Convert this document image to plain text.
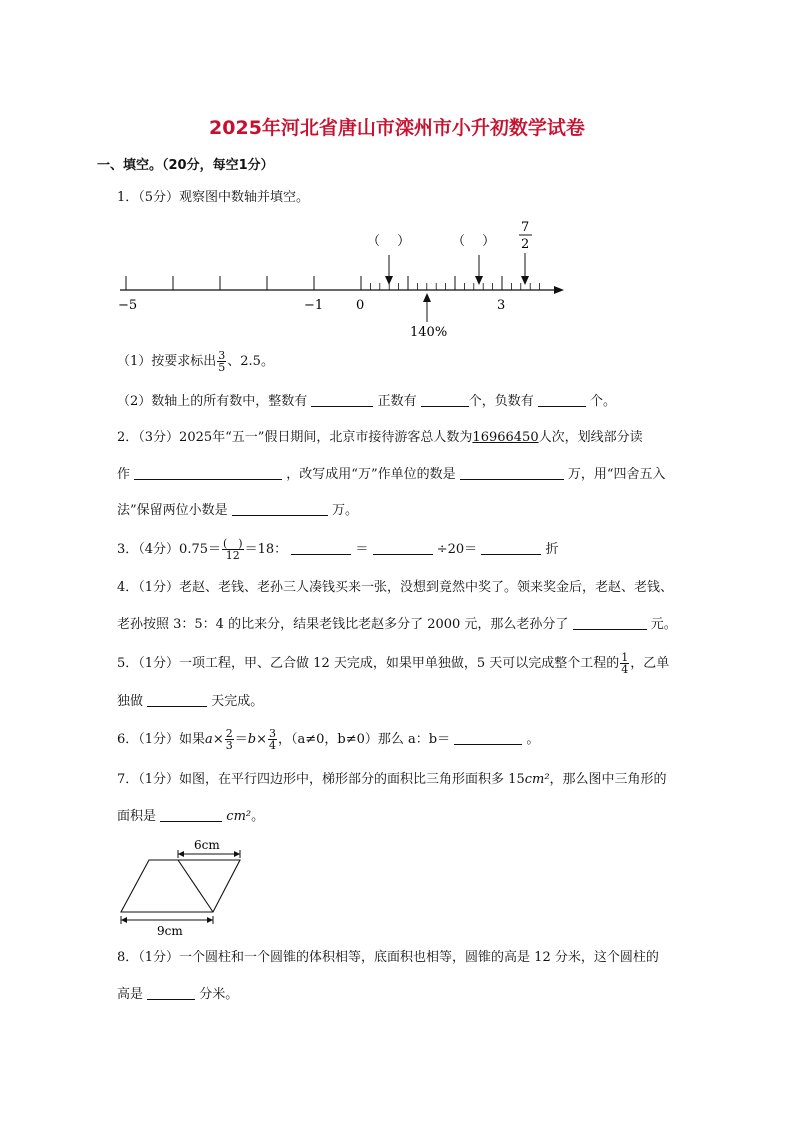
2025年河北省唐山市滦州市小升初数学试卷
一、填空。（20分，每空1分）
1．（5分）观察图中数轴并填空。
−5	−1	0	3
（　 ）	（　 ）
7
2
140%
（1）按要求标出 $\frac{3}{5}$ 、2.5。
（2）数轴上的所有数中，整数有	正数有	个，负数有	个。
2．（3分）2025年“五一”假日期间，北京市接待游客总人数为16966450人次，划线部分读
作	，改写成用“万”作单位的数是	万，用“四舍五入
法”保留两位小数是	万。
3．（4分）$0.75= \frac{( )}{12} =18$：	＝	÷20＝	折
4．（1分）老赵、老钱、老孙三人凑钱买来一张，没想到竟然中奖了。领来奖金后，老赵、老钱、
老孙按照 3：5：4 的比来分，结果老钱比老赵多分了 2000 元，那么老孙分了	元。
5．（1分）一项工程，甲、乙合做 12 天完成，如果甲单独做，5 天可以完成整个工程的 $\frac{1}{4}$ ，乙单
独做	天完成。
6．（1分）如果$a\times \frac{2}{3} =b\times \frac{3}{4}$ ，（a≠0，b≠0）那么 a：b＝	。
7．（1分）如图，在平行四边形中，梯形部分的面积比三角形面积多 15cm²，那么图中三角形的
面积是	cm²。
6cm
9cm
8．（1分）一个圆柱和一个圆锥的体积相等，底面积也相等，圆锥的高是 12 分米，这个圆柱的
高是	分米。
